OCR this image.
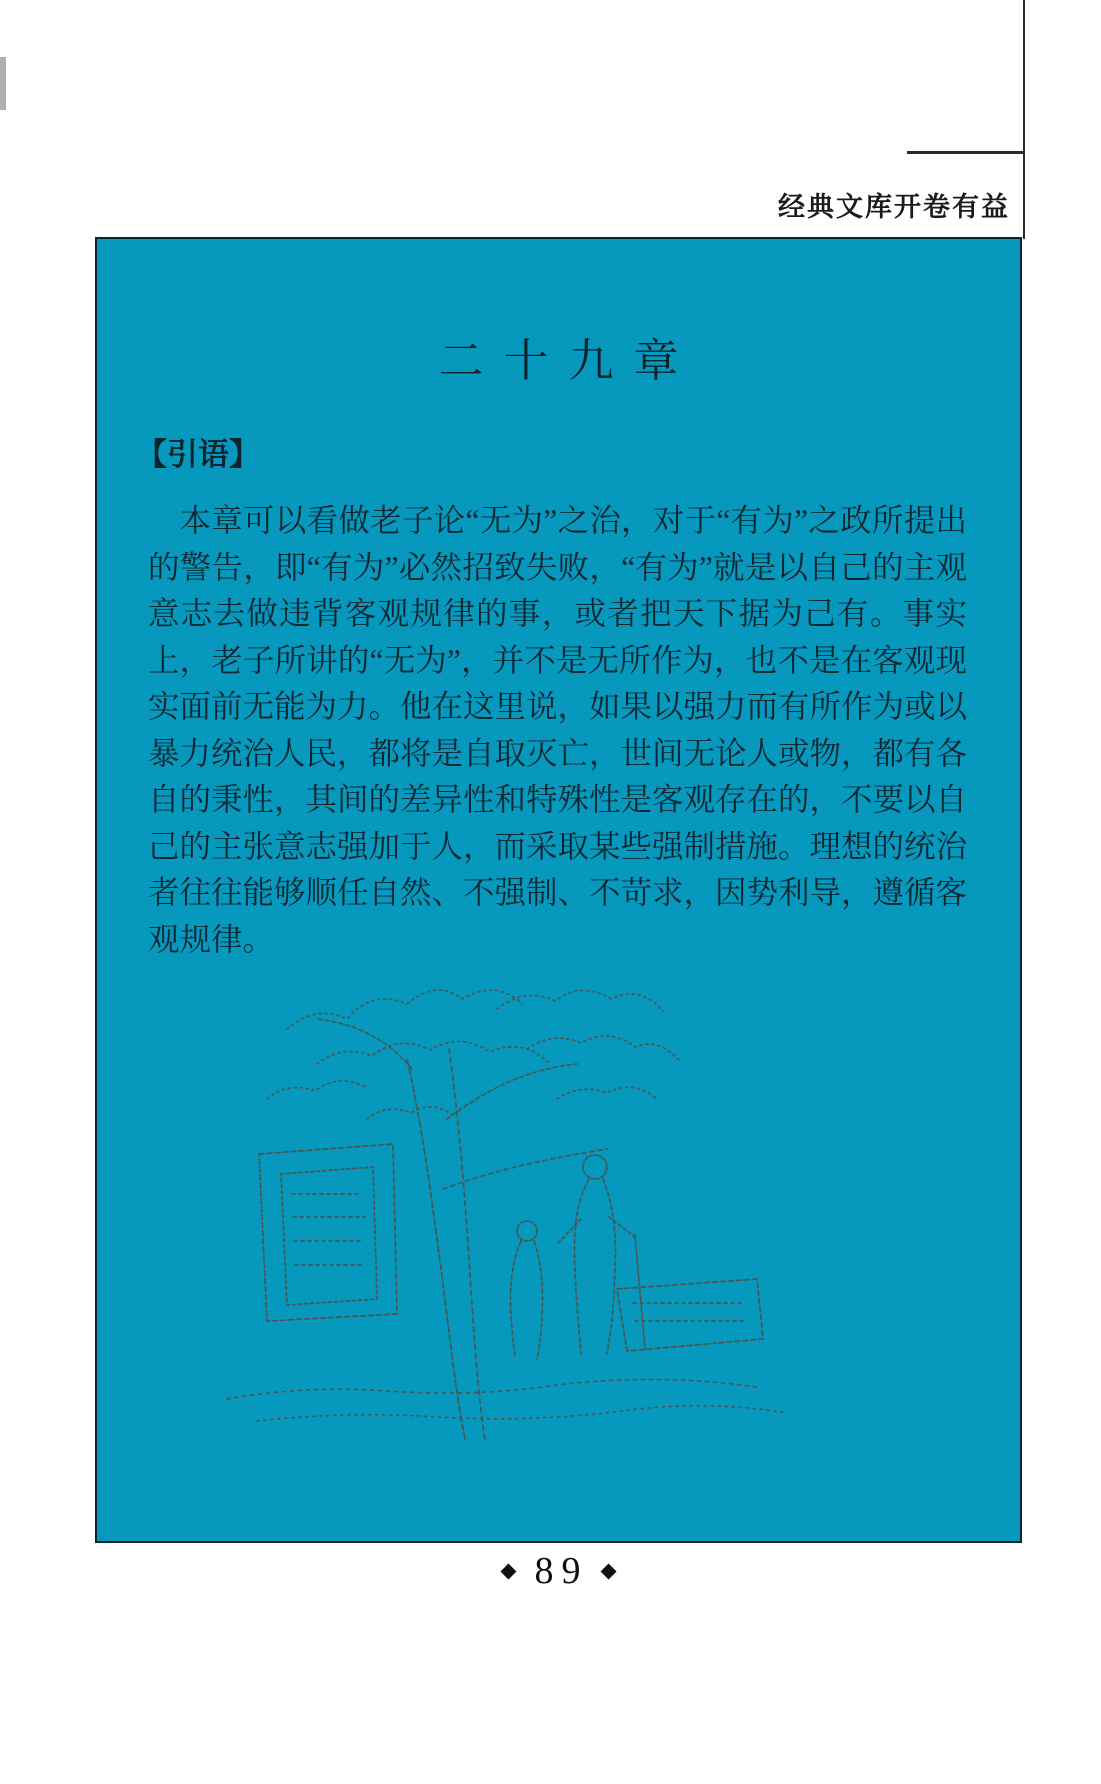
经典文库开卷有益
二十九章
【引语】

本章可以看做老子论“无为”之治，对于“有为”之政所提出的警告，即“有为”必然招致失败，“有为”就是以自己的主观意志去做违背客观规律的事，或者把天下据为己有。事实上，老子所讲的“无为”，并不是无所作为，也不是在客观现实面前无能为力。他在这里说，如果以强力而有所作为或以暴力统治人民，都将是自取灭亡，世间无论人或物，都有各自的秉性，其间的差异性和特殊性是客观存在的，不要以自己的主张意志强加于人，而采取某些强制措施。理想的统治者往往能够顺任自然、不强制、不苛求，因势利导，遵循客观规律。

◆ 89 ◆
